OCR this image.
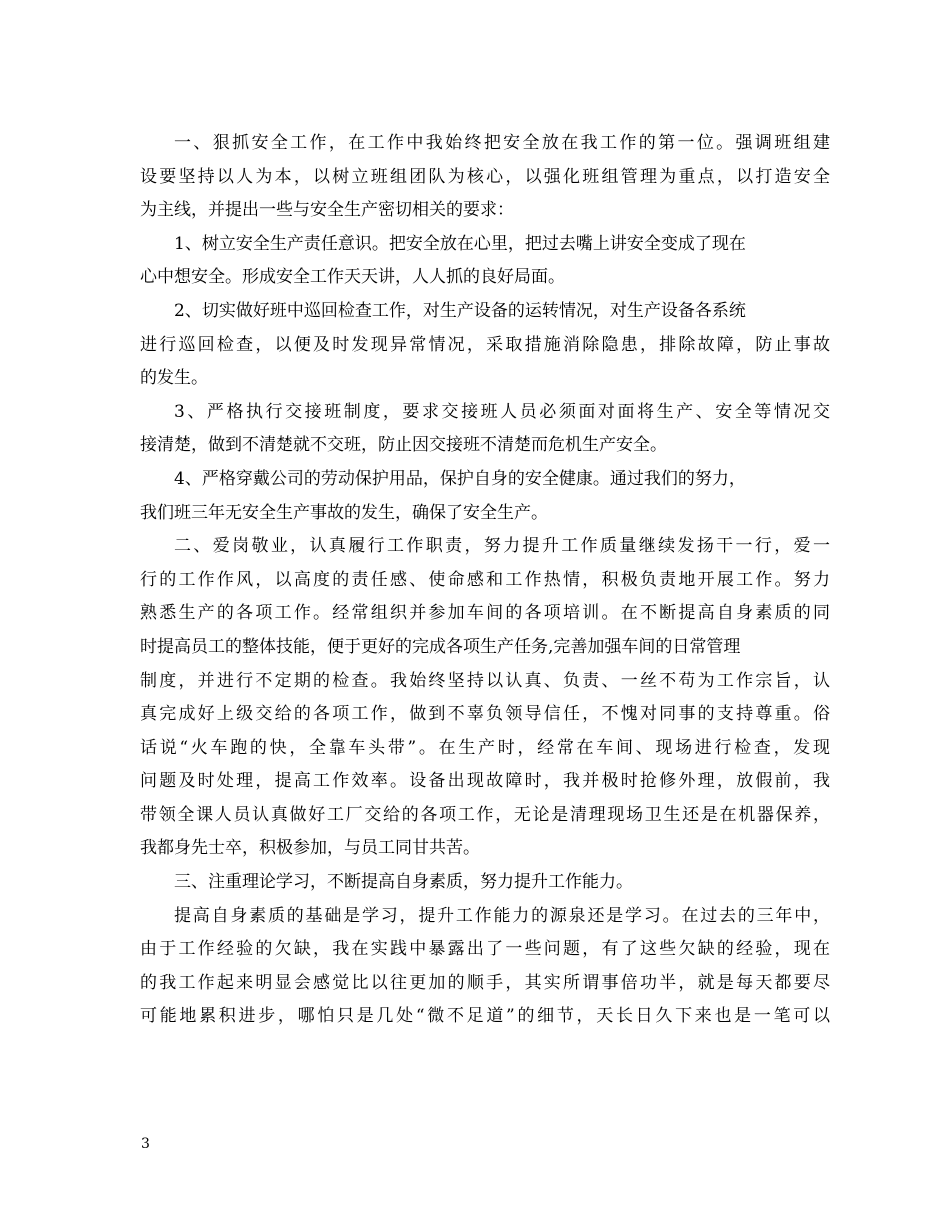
一、狠抓安全工作，在工作中我始终把安全放在我工作的第一位。强调班组建
设要坚持以人为本，以树立班组团队为核心，以强化班组管理为重点，以打造安全
为主线，并提出一些与安全生产密切相关的要求：
1、树立安全生产责任意识。把安全放在心里，把过去嘴上讲安全变成了现在
心中想安全。形成安全工作天天讲，人人抓的良好局面。
2、切实做好班中巡回检查工作，对生产设备的运转情况，对生产设备各系统
进行巡回检查，以便及时发现异常情况，采取措施消除隐患，排除故障，防止事故
的发生。
3、严格执行交接班制度，要求交接班人员必须面对面将生产、安全等情况交
接清楚，做到不清楚就不交班，防止因交接班不清楚而危机生产安全。
4、严格穿戴公司的劳动保护用品，保护自身的安全健康。通过我们的努力，
我们班三年无安全生产事故的发生，确保了安全生产。
二、爱岗敬业，认真履行工作职责，努力提升工作质量继续发扬干一行，爱一
行的工作作风，以高度的责任感、使命感和工作热情，积极负责地开展工作。努力
熟悉生产的各项工作。经常组织并参加车间的各项培训。在不断提高自身素质的同
时提高员工的整体技能，便于更好的完成各项生产任务,完善加强车间的日常管理
制度，并进行不定期的检查。我始终坚持以认真、负责、一丝不苟为工作宗旨，认
真完成好上级交给的各项工作，做到不辜负领导信任，不愧对同事的支持尊重。俗
话说“火车跑的快，全靠车头带”。在生产时，经常在车间、现场进行检查，发现
问题及时处理，提高工作效率。设备出现故障时，我并极时抢修外理，放假前，我
带领全课人员认真做好工厂交给的各项工作，无论是清理现场卫生还是在机器保养，
我都身先士卒，积极参加，与员工同甘共苦。
三、注重理论学习，不断提高自身素质，努力提升工作能力。
提高自身素质的基础是学习，提升工作能力的源泉还是学习。在过去的三年中，
由于工作经验的欠缺，我在实践中暴露出了一些问题，有了这些欠缺的经验，现在
的我工作起来明显会感觉比以往更加的顺手，其实所谓事倍功半，就是每天都要尽
可能地累积进步，哪怕只是几处“微不足道”的细节，天长日久下来也是一笔可以
3
